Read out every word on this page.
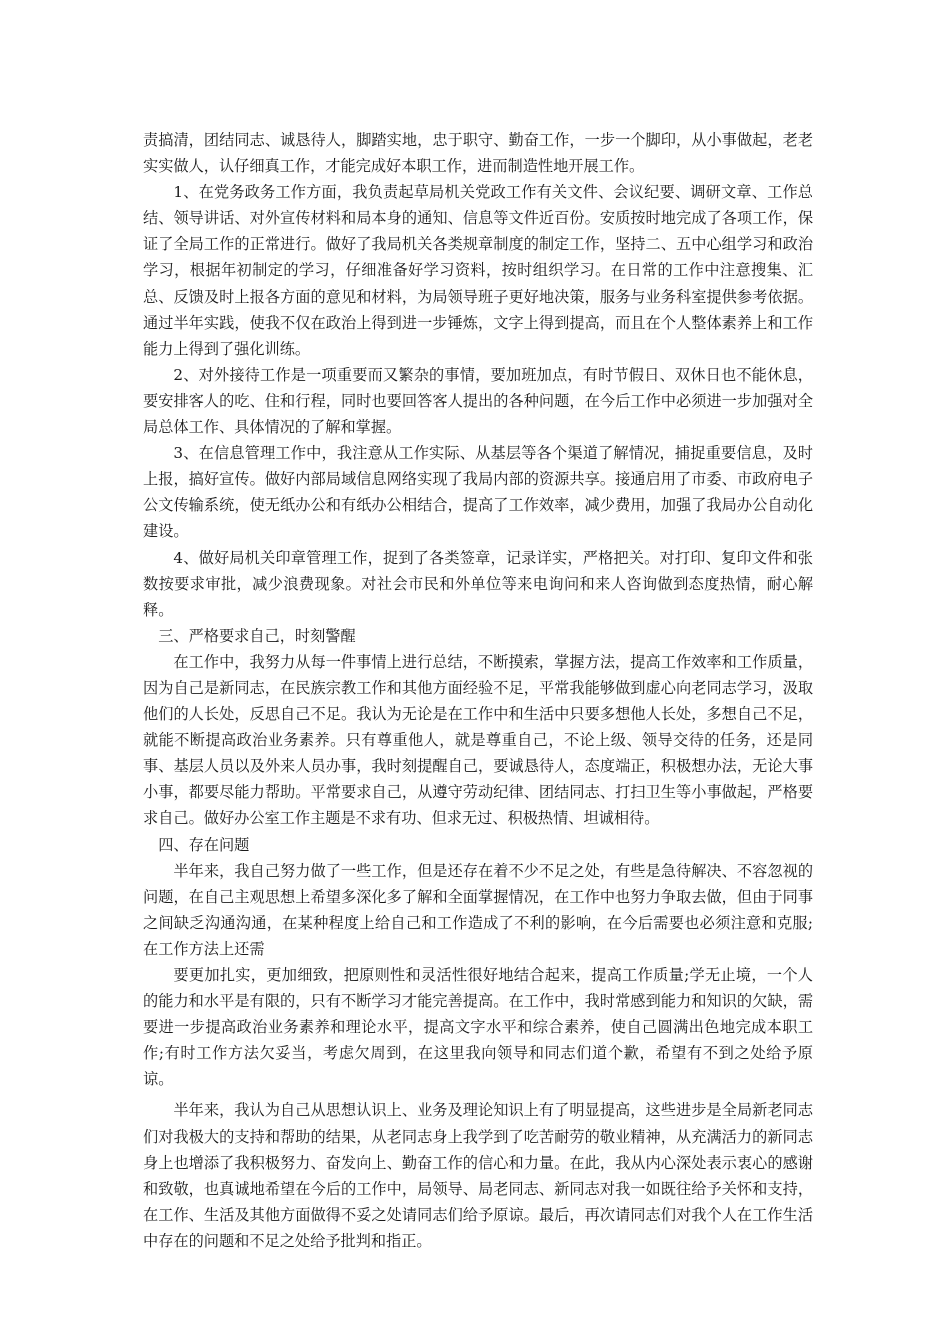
责搞清，团结同志、诚恳待人，脚踏实地，忠于职守、勤奋工作，一步一个脚印，从小事做起，老老实实做人，认仔细真工作，才能完成好本职工作，进而制造性地开展工作。

1、在党务政务工作方面，我负责起草局机关党政工作有关文件、会议纪要、调研文章、工作总结、领导讲话、对外宣传材料和局本身的通知、信息等文件近百份。安质按时地完成了各项工作，保证了全局工作的正常进行。做好了我局机关各类规章制度的制定工作，坚持二、五中心组学习和政治学习，根据年初制定的学习，仔细准备好学习资料，按时组织学习。在日常的工作中注意搜集、汇总、反馈及时上报各方面的意见和材料，为局领导班子更好地决策，服务与业务科室提供参考依据。通过半年实践，使我不仅在政治上得到进一步锤炼，文字上得到提高，而且在个人整体素养上和工作能力上得到了强化训练。

2、对外接待工作是一项重要而又繁杂的事情，要加班加点，有时节假日、双休日也不能休息，要安排客人的吃、住和行程，同时也要回答客人提出的各种问题，在今后工作中必须进一步加强对全局总体工作、具体情况的了解和掌握。

3、在信息管理工作中，我注意从工作实际、从基层等各个渠道了解情况，捕捉重要信息，及时上报，搞好宣传。做好内部局域信息网络实现了我局内部的资源共享。接通启用了市委、市政府电子公文传输系统，使无纸办公和有纸办公相结合，提高了工作效率，减少费用，加强了我局办公自动化建设。

4、做好局机关印章管理工作，捉到了各类签章，记录详实，严格把关。对打印、复印文件和张数按要求审批，减少浪费现象。对社会市民和外单位等来电询问和来人咨询做到态度热情，耐心解释。

三、严格要求自己，时刻警醒

在工作中，我努力从每一件事情上进行总结，不断摸索，掌握方法，提高工作效率和工作质量，因为自己是新同志，在民族宗教工作和其他方面经验不足，平常我能够做到虚心向老同志学习，汲取他们的人长处，反思自己不足。我认为无论是在工作中和生活中只要多想他人长处，多想自己不足，就能不断提高政治业务素养。只有尊重他人，就是尊重自己，不论上级、领导交待的任务，还是同事、基层人员以及外来人员办事，我时刻提醒自己，要诚恳待人，态度端正，积极想办法，无论大事小事，都要尽能力帮助。平常要求自己，从遵守劳动纪律、团结同志、打扫卫生等小事做起，严格要求自己。做好办公室工作主题是不求有功、但求无过、积极热情、坦诚相待。

四、存在问题

半年来，我自己努力做了一些工作，但是还存在着不少不足之处，有些是急待解决、不容忽视的问题，在自己主观思想上希望多深化多了解和全面掌握情况，在工作中也努力争取去做，但由于同事之间缺乏沟通沟通，在某种程度上给自己和工作造成了不利的影响，在今后需要也必须注意和克服;在工作方法上还需

要更加扎实，更加细致，把原则性和灵活性很好地结合起来，提高工作质量;学无止境，一个人的能力和水平是有限的，只有不断学习才能完善提高。在工作中，我时常感到能力和知识的欠缺，需要进一步提高政治业务素养和理论水平，提高文字水平和综合素养，使自己圆满出色地完成本职工作;有时工作方法欠妥当，考虑欠周到，在这里我向领导和同志们道个歉，希望有不到之处给予原谅。

半年来，我认为自己从思想认识上、业务及理论知识上有了明显提高，这些进步是全局新老同志们对我极大的支持和帮助的结果，从老同志身上我学到了吃苦耐劳的敬业精神，从充满活力的新同志身上也增添了我积极努力、奋发向上、勤奋工作的信心和力量。在此，我从内心深处表示衷心的感谢和致敬，也真诚地希望在今后的工作中，局领导、局老同志、新同志对我一如既往给予关怀和支持，在工作、生活及其他方面做得不妥之处请同志们给予原谅。最后，再次请同志们对我个人在工作生活中存在的问题和不足之处给予批判和指正。
